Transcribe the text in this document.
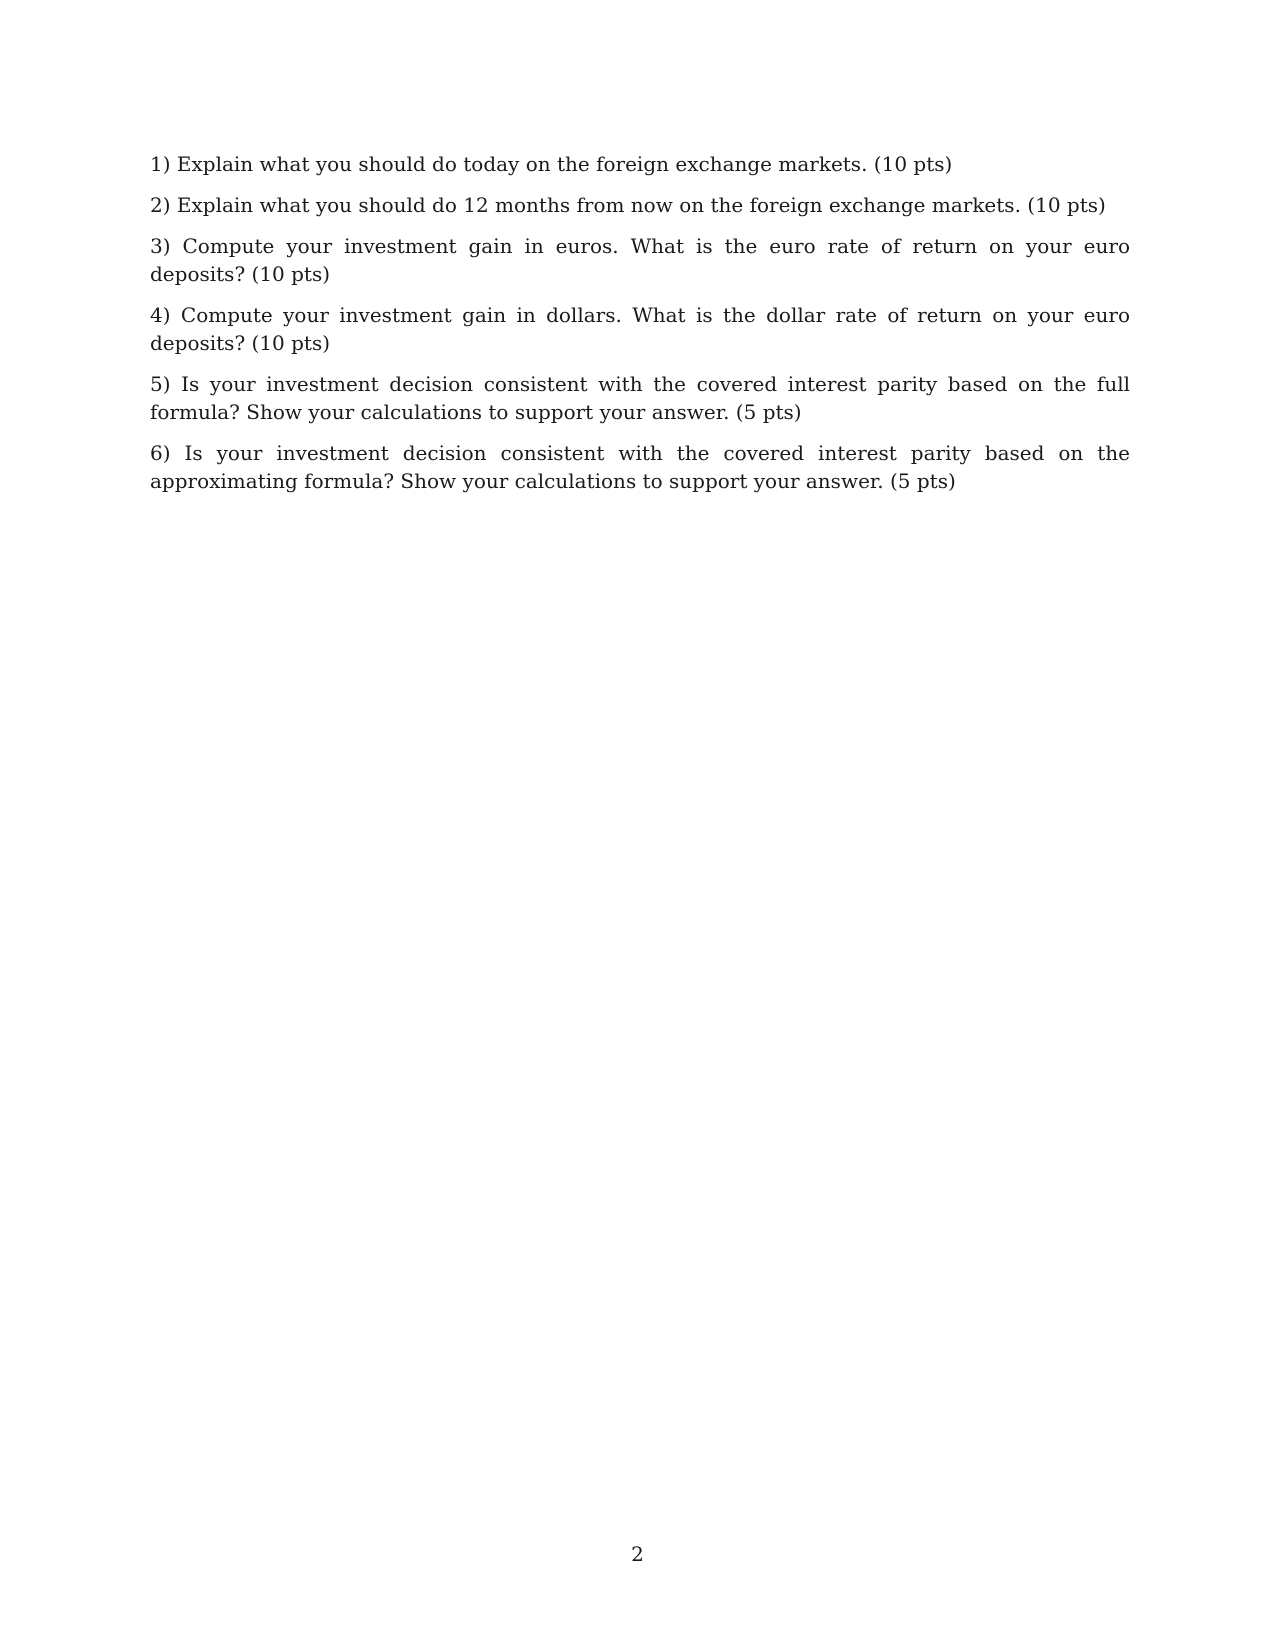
1) Explain what you should do today on the foreign exchange markets. (10 pts)

2) Explain what you should do 12 months from now on the foreign exchange markets. (10 pts)

3) Compute your investment gain in euros. What is the euro rate of return on your euro deposits? (10 pts)

4) Compute your investment gain in dollars. What is the dollar rate of return on your euro deposits? (10 pts)

5) Is your investment decision consistent with the covered interest parity based on the full formula? Show your calculations to support your answer. (5 pts)

6) Is your investment decision consistent with the covered interest parity based on the approximating formula? Show your calculations to support your answer. (5 pts)

2
